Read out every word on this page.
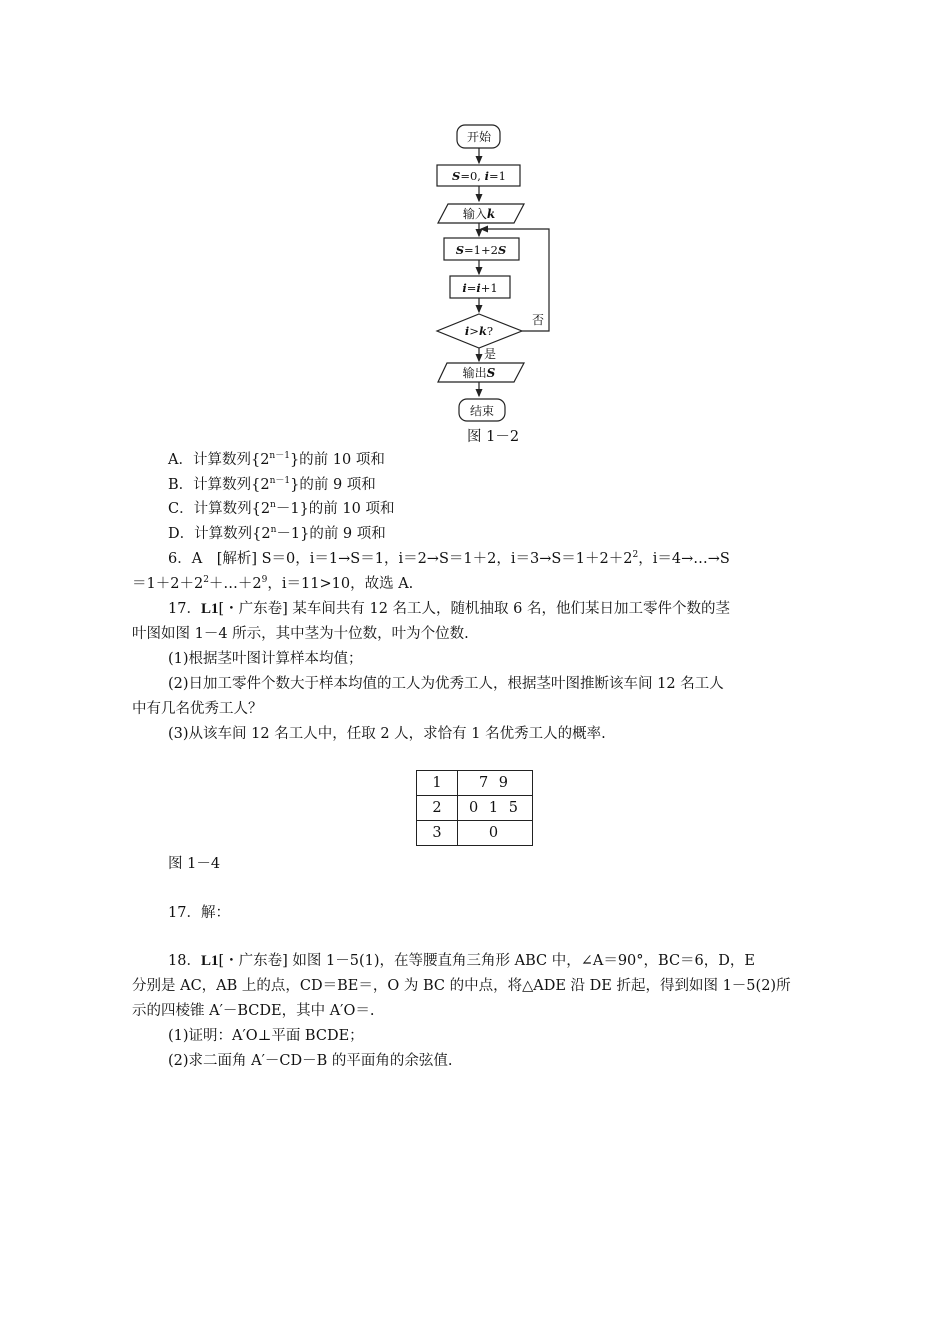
开始
S=0, i=1
输入k
S=1+2S
i=i+1
i>k?
否
是
输出S
结束
图 1－2
A．计算数列$\{2^{n-1}\}$的前 10 项和
B．计算数列$\{2^{n-1}\}$的前 9 项和
C．计算数列$\{2^n-1\}$的前 10 项和
D．计算数列$\{2^n-1\}$的前 9 项和
6．A　[解析] S＝0，i＝1→S＝1，i＝2→S＝1＋2，$i=3\to S=1+2+2^2$，i＝4→…→S
$=1+2+2^2+\dots+2^9$，i＝11>10，故选 A.
17．L1[・广东卷] 某车间共有 12 名工人，随机抽取 6 名，他们某日加工零件个数的茎
叶图如图 1－4 所示，其中茎为十位数，叶为个位数.
(1)根据茎叶图计算样本均值；
(2)日加工零件个数大于样本均值的工人为优秀工人，根据茎叶图推断该车间 12 名工人
中有几名优秀工人？
(3)从该车间 12 名工人中，任取 2 人，求恰有 1 名优秀工人的概率.
1	7 9
2	0 1 5
3	0
图 1－4
17．解：
18．L1[・广东卷] 如图 1－5(1)，在等腰直角三角形 ABC 中，∠A＝90°，BC＝6，D，E
分别是 AC，AB 上的点，CD＝BE＝，O 为 BC 的中点，将△ADE 沿 DE 折起，得到如图 1－5(2)所
示的四棱锥 A′－BCDE，其中 A′O＝.
(1)证明：A′O⊥平面 BCDE；
(2)求二面角 A′－CD－B 的平面角的余弦值.
